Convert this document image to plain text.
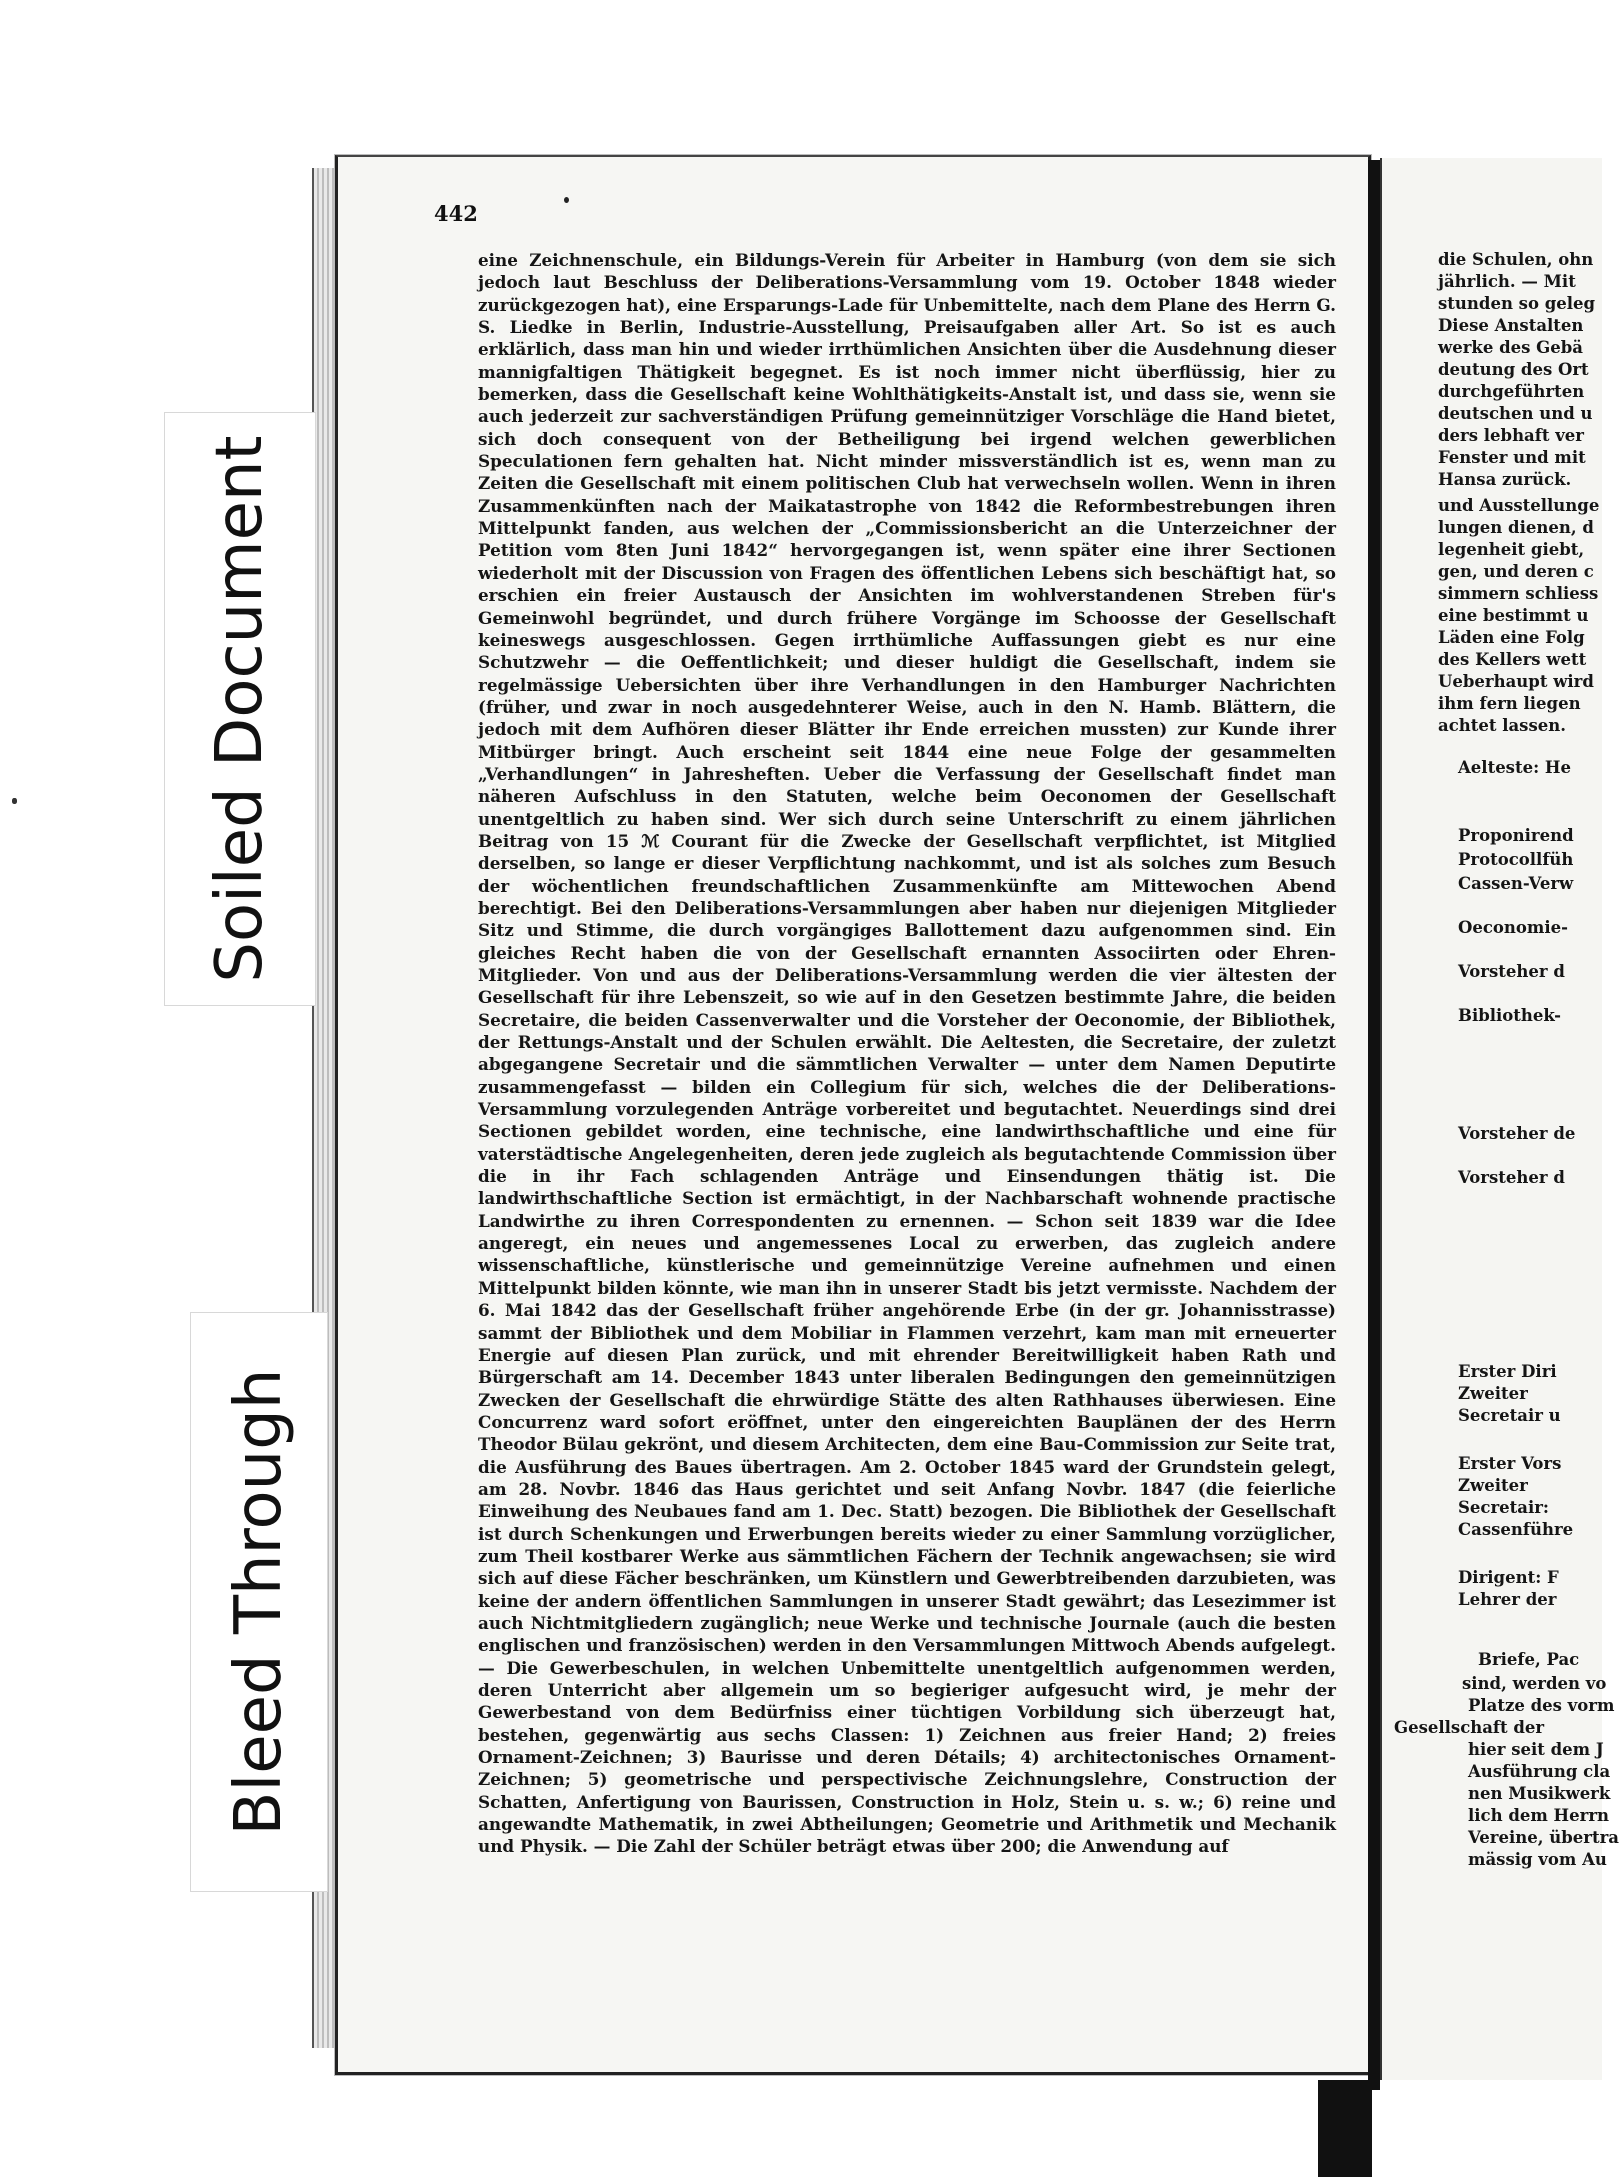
442
eine Zeichnenschule, ein Bildungs-Verein für Arbeiter in Hamburg (von dem sie sich jedoch laut Beschluss der Deliberations-Versammlung vom 19. October 1848 wieder zurückgezogen hat), eine Ersparungs-Lade für Unbemittelte, nach dem Plane des Herrn G. S. Liedke in Berlin, Industrie-Ausstellung, Preisaufgaben aller Art. So ist es auch erklärlich, dass man hin und wieder irrthümlichen Ansichten über die Ausdehnung dieser mannigfaltigen Thätigkeit begegnet. Es ist noch immer nicht überflüssig, hier zu bemerken, dass die Gesellschaft keine Wohlthätigkeits-Anstalt ist, und dass sie, wenn sie auch jederzeit zur sachverständigen Prüfung gemeinnütziger Vorschläge die Hand bietet, sich doch consequent von der Betheiligung bei irgend welchen gewerblichen Speculationen fern gehalten hat. Nicht minder missverständlich ist es, wenn man zu Zeiten die Gesellschaft mit einem politischen Club hat verwechseln wollen. Wenn in ihren Zusammenkünften nach der Maikatastrophe von 1842 die Reformbestrebungen ihren Mittelpunkt fanden, aus welchen der „Commissionsbericht an die Unterzeichner der Petition vom 8ten Juni 1842“ hervorgegangen ist, wenn später eine ihrer Sectionen wiederholt mit der Discussion von Fragen des öffentlichen Lebens sich beschäftigt hat, so erschien ein freier Austausch der Ansichten im wohlverstandenen Streben für's Gemeinwohl begründet, und durch frühere Vorgänge im Schoosse der Gesellschaft keineswegs ausgeschlossen. Gegen irrthümliche Auffassungen giebt es nur eine Schutzwehr — die Oeffentlichkeit; und dieser huldigt die Gesellschaft, indem sie regelmässige Uebersichten über ihre Verhandlungen in den Hamburger Nachrichten (früher, und zwar in noch ausgedehnterer Weise, auch in den N. Hamb. Blättern, die jedoch mit dem Aufhören dieser Blätter ihr Ende erreichen mussten) zur Kunde ihrer Mitbürger bringt. Auch erscheint seit 1844 eine neue Folge der gesammelten „Verhandlungen“ in Jahresheften. Ueber die Verfassung der Gesellschaft findet man näheren Aufschluss in den Statuten, welche beim Oeconomen der Gesellschaft unentgeltlich zu haben sind. Wer sich durch seine Unterschrift zu einem jährlichen Beitrag von 15 ℳ Courant für die Zwecke der Gesellschaft verpflichtet, ist Mitglied derselben, so lange er dieser Verpflichtung nachkommt, und ist als solches zum Besuch der wöchentlichen freundschaftlichen Zusammenkünfte am Mittewochen Abend berechtigt. Bei den Deliberations-Versammlungen aber haben nur diejenigen Mitglieder Sitz und Stimme, die durch vorgängiges Ballottement dazu aufgenommen sind. Ein gleiches Recht haben die von der Gesellschaft ernannten Associirten oder Ehren-Mitglieder. Von und aus der Deliberations-Versammlung werden die vier ältesten der Gesellschaft für ihre Lebenszeit, so wie auf in den Gesetzen bestimmte Jahre, die beiden Secretaire, die beiden Cassenverwalter und die Vorsteher der Oeconomie, der Bibliothek, der Rettungs-Anstalt und der Schulen erwählt. Die Aeltesten, die Secretaire, der zuletzt abgegangene Secretair und die sämmtlichen Verwalter — unter dem Namen Deputirte zusammengefasst — bilden ein Collegium für sich, welches die der Deliberations-Versammlung vorzulegenden Anträge vorbereitet und begutachtet. Neuerdings sind drei Sectionen gebildet worden, eine technische, eine landwirthschaftliche und eine für vaterstädtische Angelegenheiten, deren jede zugleich als begutachtende Commission über die in ihr Fach schlagenden Anträge und Einsendungen thätig ist. Die landwirthschaftliche Section ist ermächtigt, in der Nachbarschaft wohnende practische Landwirthe zu ihren Correspondenten zu ernennen. — Schon seit 1839 war die Idee angeregt, ein neues und angemessenes Local zu erwerben, das zugleich andere wissenschaftliche, künstlerische und gemeinnützige Vereine aufnehmen und einen Mittelpunkt bilden könnte, wie man ihn in unserer Stadt bis jetzt vermisste. Nachdem der 6. Mai 1842 das der Gesellschaft früher angehörende Erbe (in der gr. Johannisstrasse) sammt der Bibliothek und dem Mobiliar in Flammen verzehrt, kam man mit erneuerter Energie auf diesen Plan zurück, und mit ehrender Bereitwilligkeit haben Rath und Bürgerschaft am 14. December 1843 unter liberalen Bedingungen den gemeinnützigen Zwecken der Gesellschaft die ehrwürdige Stätte des alten Rathhauses überwiesen. Eine Concurrenz ward sofort eröffnet, unter den eingereichten Bauplänen der des Herrn Theodor Bülau gekrönt, und diesem Architecten, dem eine Bau-Commission zur Seite trat, die Ausführung des Baues übertragen. Am 2. October 1845 ward der Grundstein gelegt, am 28. Novbr. 1846 das Haus gerichtet und seit Anfang Novbr. 1847 (die feierliche Einweihung des Neubaues fand am 1. Dec. Statt) bezogen. Die Bibliothek der Gesellschaft ist durch Schenkungen und Erwerbungen bereits wieder zu einer Sammlung vorzüglicher, zum Theil kostbarer Werke aus sämmtlichen Fächern der Technik angewachsen; sie wird sich auf diese Fächer beschränken, um Künstlern und Gewerbtreibenden darzubieten, was keine der andern öffentlichen Sammlungen in unserer Stadt gewährt; das Lesezimmer ist auch Nichtmitgliedern zugänglich; neue Werke und technische Journale (auch die besten englischen und französischen) werden in den Versammlungen Mittwoch Abends aufgelegt. — Die Gewerbeschulen, in welchen Unbemittelte unentgeltlich aufgenommen werden, deren Unterricht aber allgemein um so begieriger aufgesucht wird, je mehr der Gewerbestand von dem Bedürfniss einer tüchtigen Vorbildung sich überzeugt hat, bestehen, gegenwärtig aus sechs Classen: 1) Zeichnen aus freier Hand; 2) freies Ornament-Zeichnen; 3) Baurisse und deren Détails; 4) architectonisches Ornament-Zeichnen; 5) geometrische und perspectivische Zeichnungslehre, Construction der Schatten, Anfertigung von Baurissen, Construction in Holz, Stein u. s. w.; 6) reine und angewandte Mathematik, in zwei Abtheilungen; Geometrie und Arithmetik und Mechanik und Physik. — Die Zahl der Schüler beträgt etwas über 200; die Anwendung auf
die Schulen, ohn
jährlich. — Mit
stunden so geleg
Diese Anstalten
werke des Gebä
deutung des Ort
durchgeführten
deutschen und u
ders lebhaft ver
Fenster und mit
Hansa zurück.
und Ausstellunge
lungen dienen, d
legenheit giebt,
gen, und deren c
simmern schliess
eine bestimmt u
Läden eine Folg
des Kellers wett
Ueberhaupt wird
ihm fern liegen
achtet lassen.
Aelteste: He
Proponirend
Protocollfüh
Cassen-Verw
Oeconomie-
Vorsteher d
Bibliothek-
Vorsteher de
Vorsteher d
Erster Diri
Zweiter
Secretair u
Erster Vors
Zweiter
Secretair:
Cassenführe
Dirigent: F
Lehrer der
Briefe, Pac
sind, werden vo
Platze des vorm
Gesellschaft der
hier seit dem J
Ausführung cla
nen Musikwerk
lich dem Herrn
Vereine, übertra
mässig vom Au
Soiled Document
Bleed Through
